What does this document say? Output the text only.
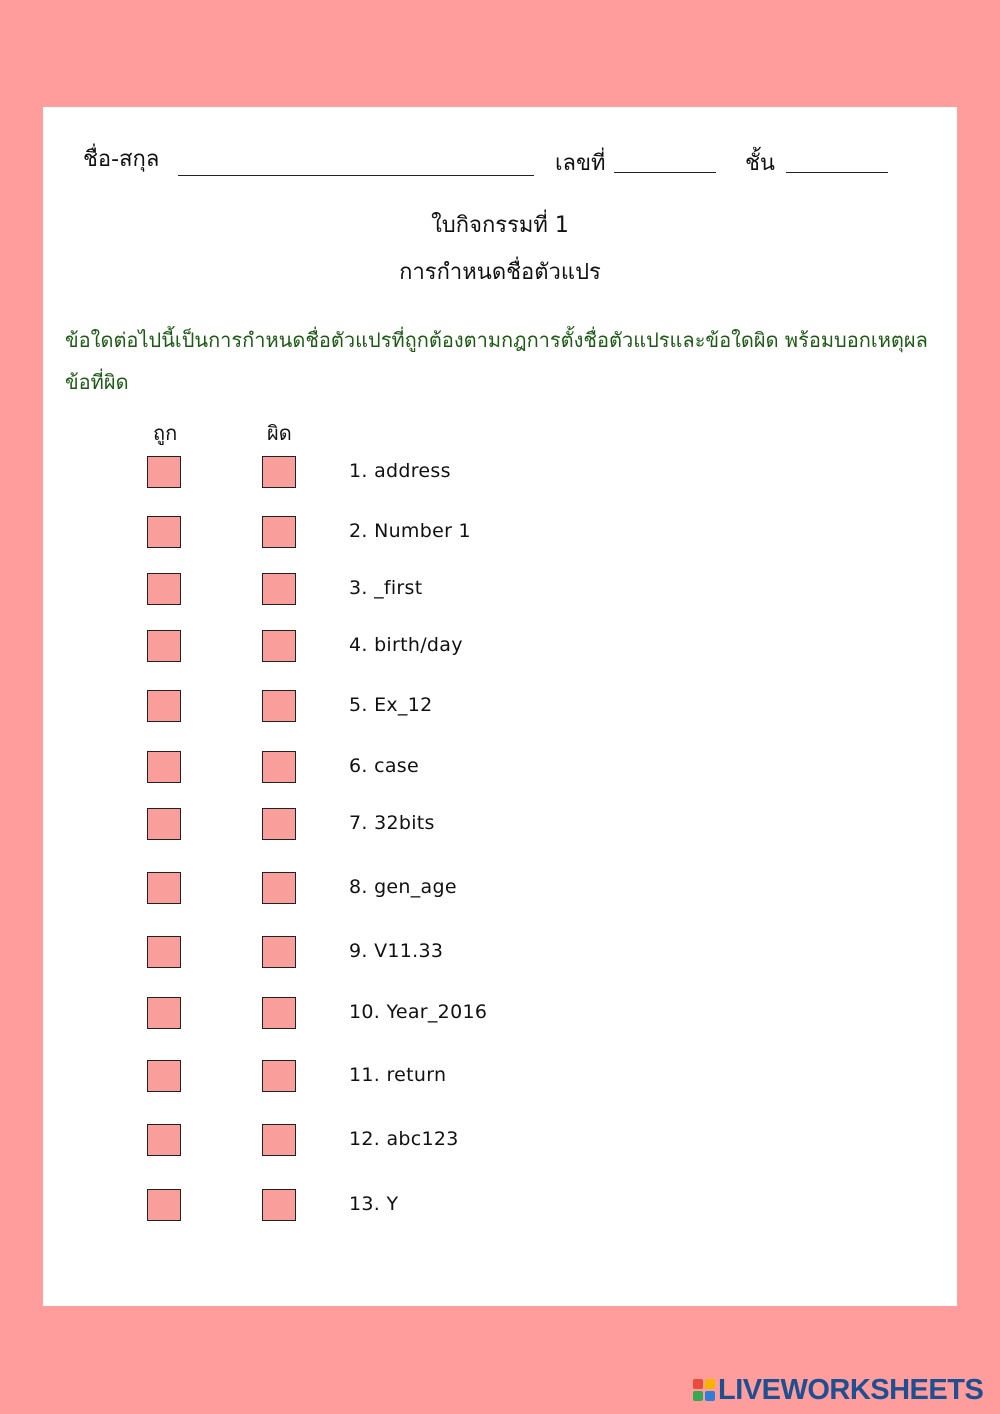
ชื่อ-สกุล	เลขที่	ชั้น
ใบกิจกรรมที่ 1
การกำหนดชื่อตัวแปร
ข้อใดต่อไปนี้เป็นการกำหนดชื่อตัวแปรที่ถูกต้องตามกฎการตั้งชื่อตัวแปรและข้อใดผิด พร้อมบอกเหตุผลข้อที่ผิด
ถูก	ผิด
1. address
2. Number 1
3. _first
4. birth/day
5. Ex_12
6. case
7. 32bits
8. gen_age
9. V11.33
10. Year_2016
11. return
12. abc123
13. Y
LIVEWORKSHEETS
